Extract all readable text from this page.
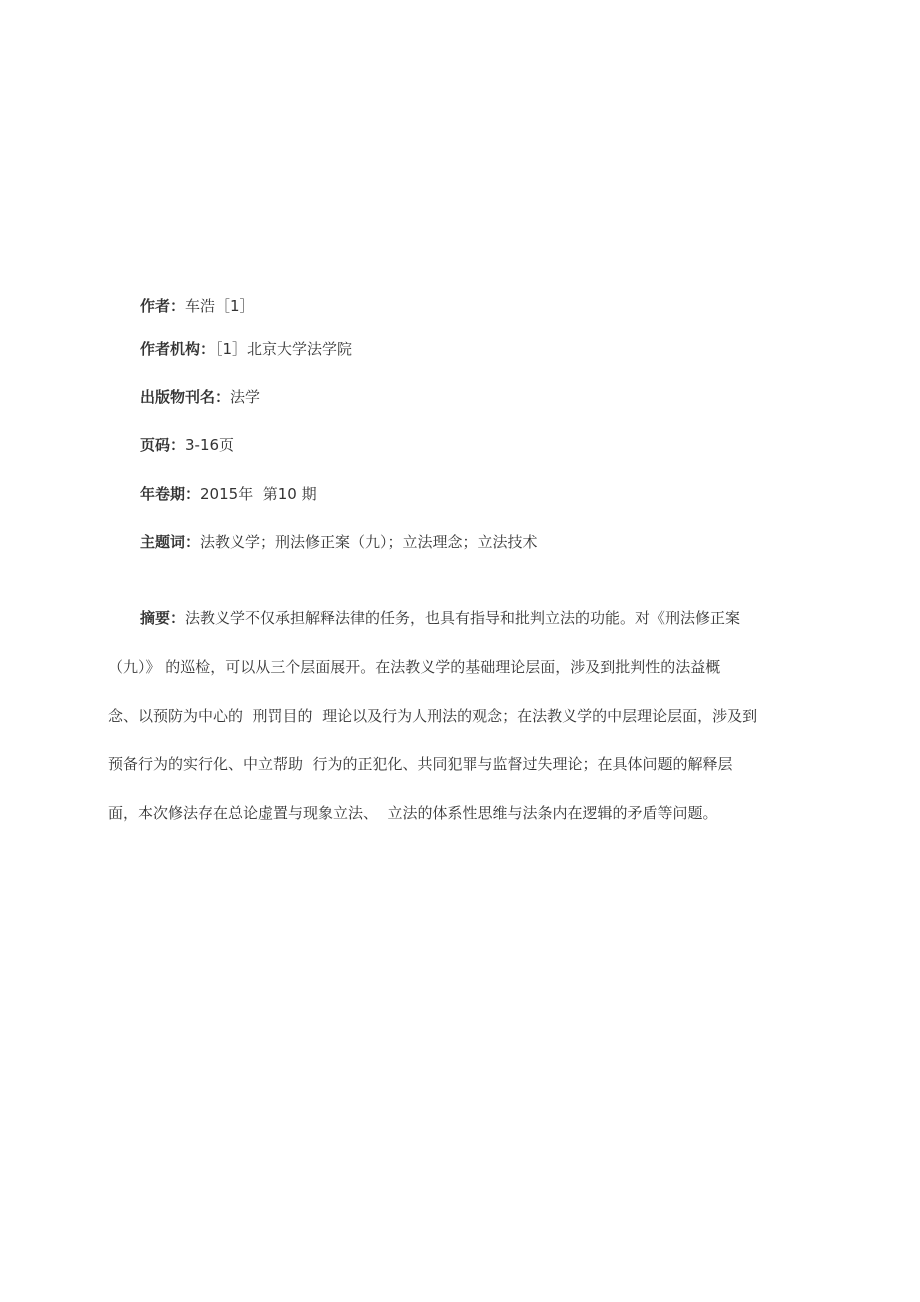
作者：车浩［1］
作者机构：［1］北京大学法学院
出版物刊名：法学
页码：3-16页
年卷期：2015年  第10 期
主题词：法教义学；刑法修正案（九）；立法理念；立法技术
摘要：法教义学不仅承担解释法律的任务，也具有指导和批判立法的功能。对《刑法修正案
（九）》 的巡检，可以从三个层面展开。在法教义学的基础理论层面，涉及到批判性的法益概
念、以预防为中心的  刑罚目的  理论以及行为人刑法的观念；在法教义学的中层理论层面，涉及到
预备行为的实行化、中立帮助  行为的正犯化、共同犯罪与监督过失理论；在具体问题的解释层
面，本次修法存在总论虚置与现象立法、  立法的体系性思维与法条内在逻辑的矛盾等问题。
